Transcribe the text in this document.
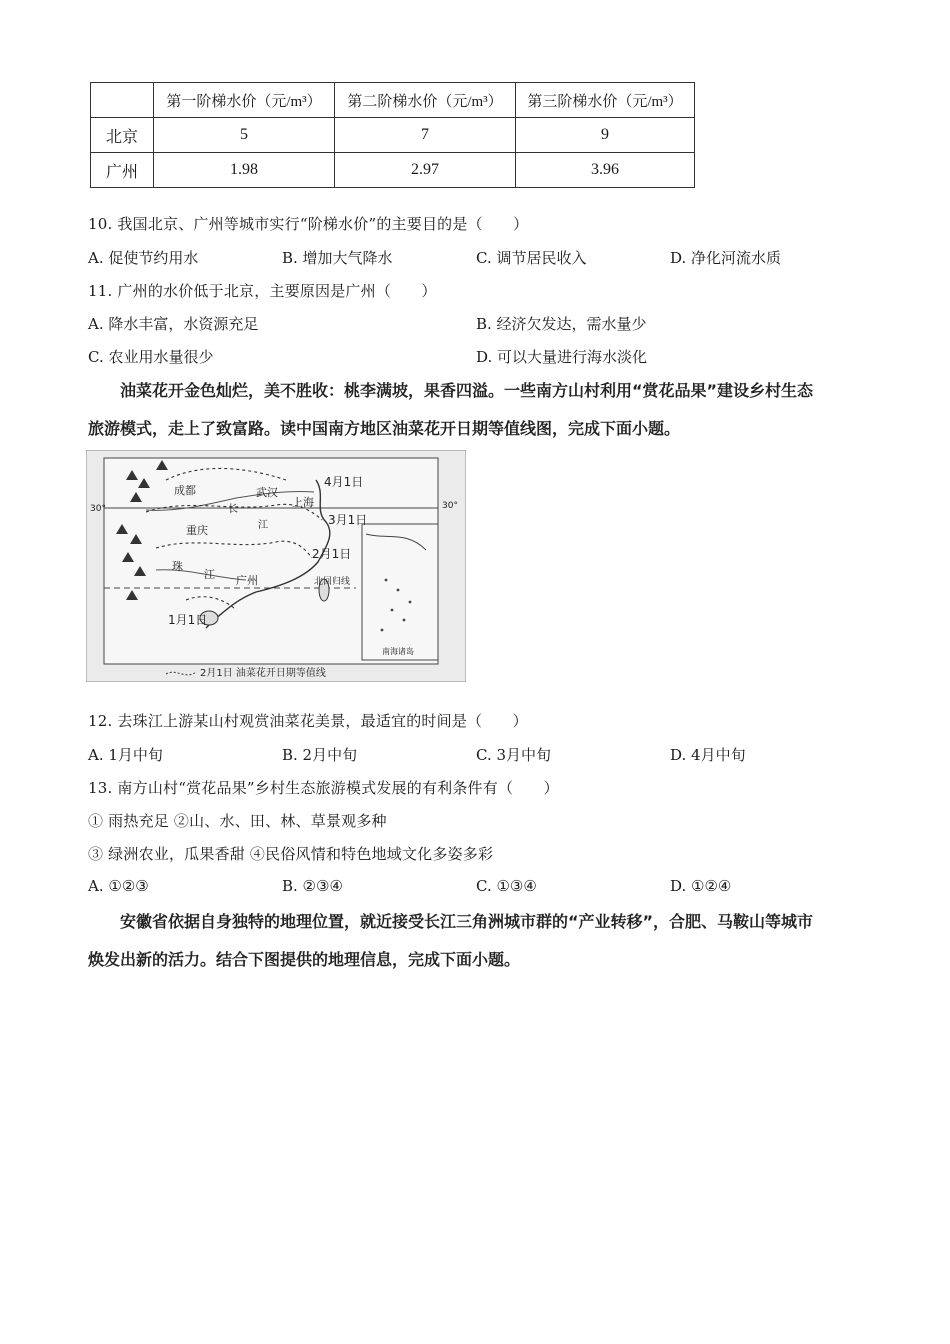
	第一阶梯水价（元/m³）	第二阶梯水价（元/m³）	第三阶梯水价（元/m³）
北京	5	7	9
广州	1.98	2.97	3.96
10. 我国北京、广州等城市实行“阶梯水价”的主要目的是（　　）
A. 促使节约用水	B. 增加大气降水	C. 调节居民收入	D. 净化河流水质
11. 广州的水价低于北京，主要原因是广州（　　）
A. 降水丰富，水资源充足	B. 经济欠发达，需水量少
C. 农业用水量很少	D. 可以大量进行海水淡化

油菜花开金色灿烂，美不胜收：桃李满坡，果香四溢。一些南方山村利用“赏花品果”建设乡村生态

旅游模式，走上了致富路。读中国南方地区油菜花开日期等值线图，完成下面小题。
南海诸岛
30°	30°
4月1日
3月1日
2月1日
1月1日
成都	武汉
上海
重庆
广州
长
江
珠
江
北回归线
2月1日 油菜花开日期等值线
12. 去珠江上游某山村观赏油菜花美景，最适宜的时间是（　　）
A. 1月中旬	B. 2月中旬	C. 3月中旬	D. 4月中旬
13. 南方山村“赏花品果”乡村生态旅游模式发展的有利条件有（　　）
① 雨热充足 ②山、水、田、林、草景观多种
③ 绿洲农业，瓜果香甜 ④民俗风情和特色地域文化多姿多彩
A. ①②③	B. ②③④	C. ①③④	D. ①②④

安徽省依据自身独特的地理位置，就近接受长江三角洲城市群的“产业转移”，合肥、马鞍山等城市

焕发出新的活力。结合下图提供的地理信息，完成下面小题。
